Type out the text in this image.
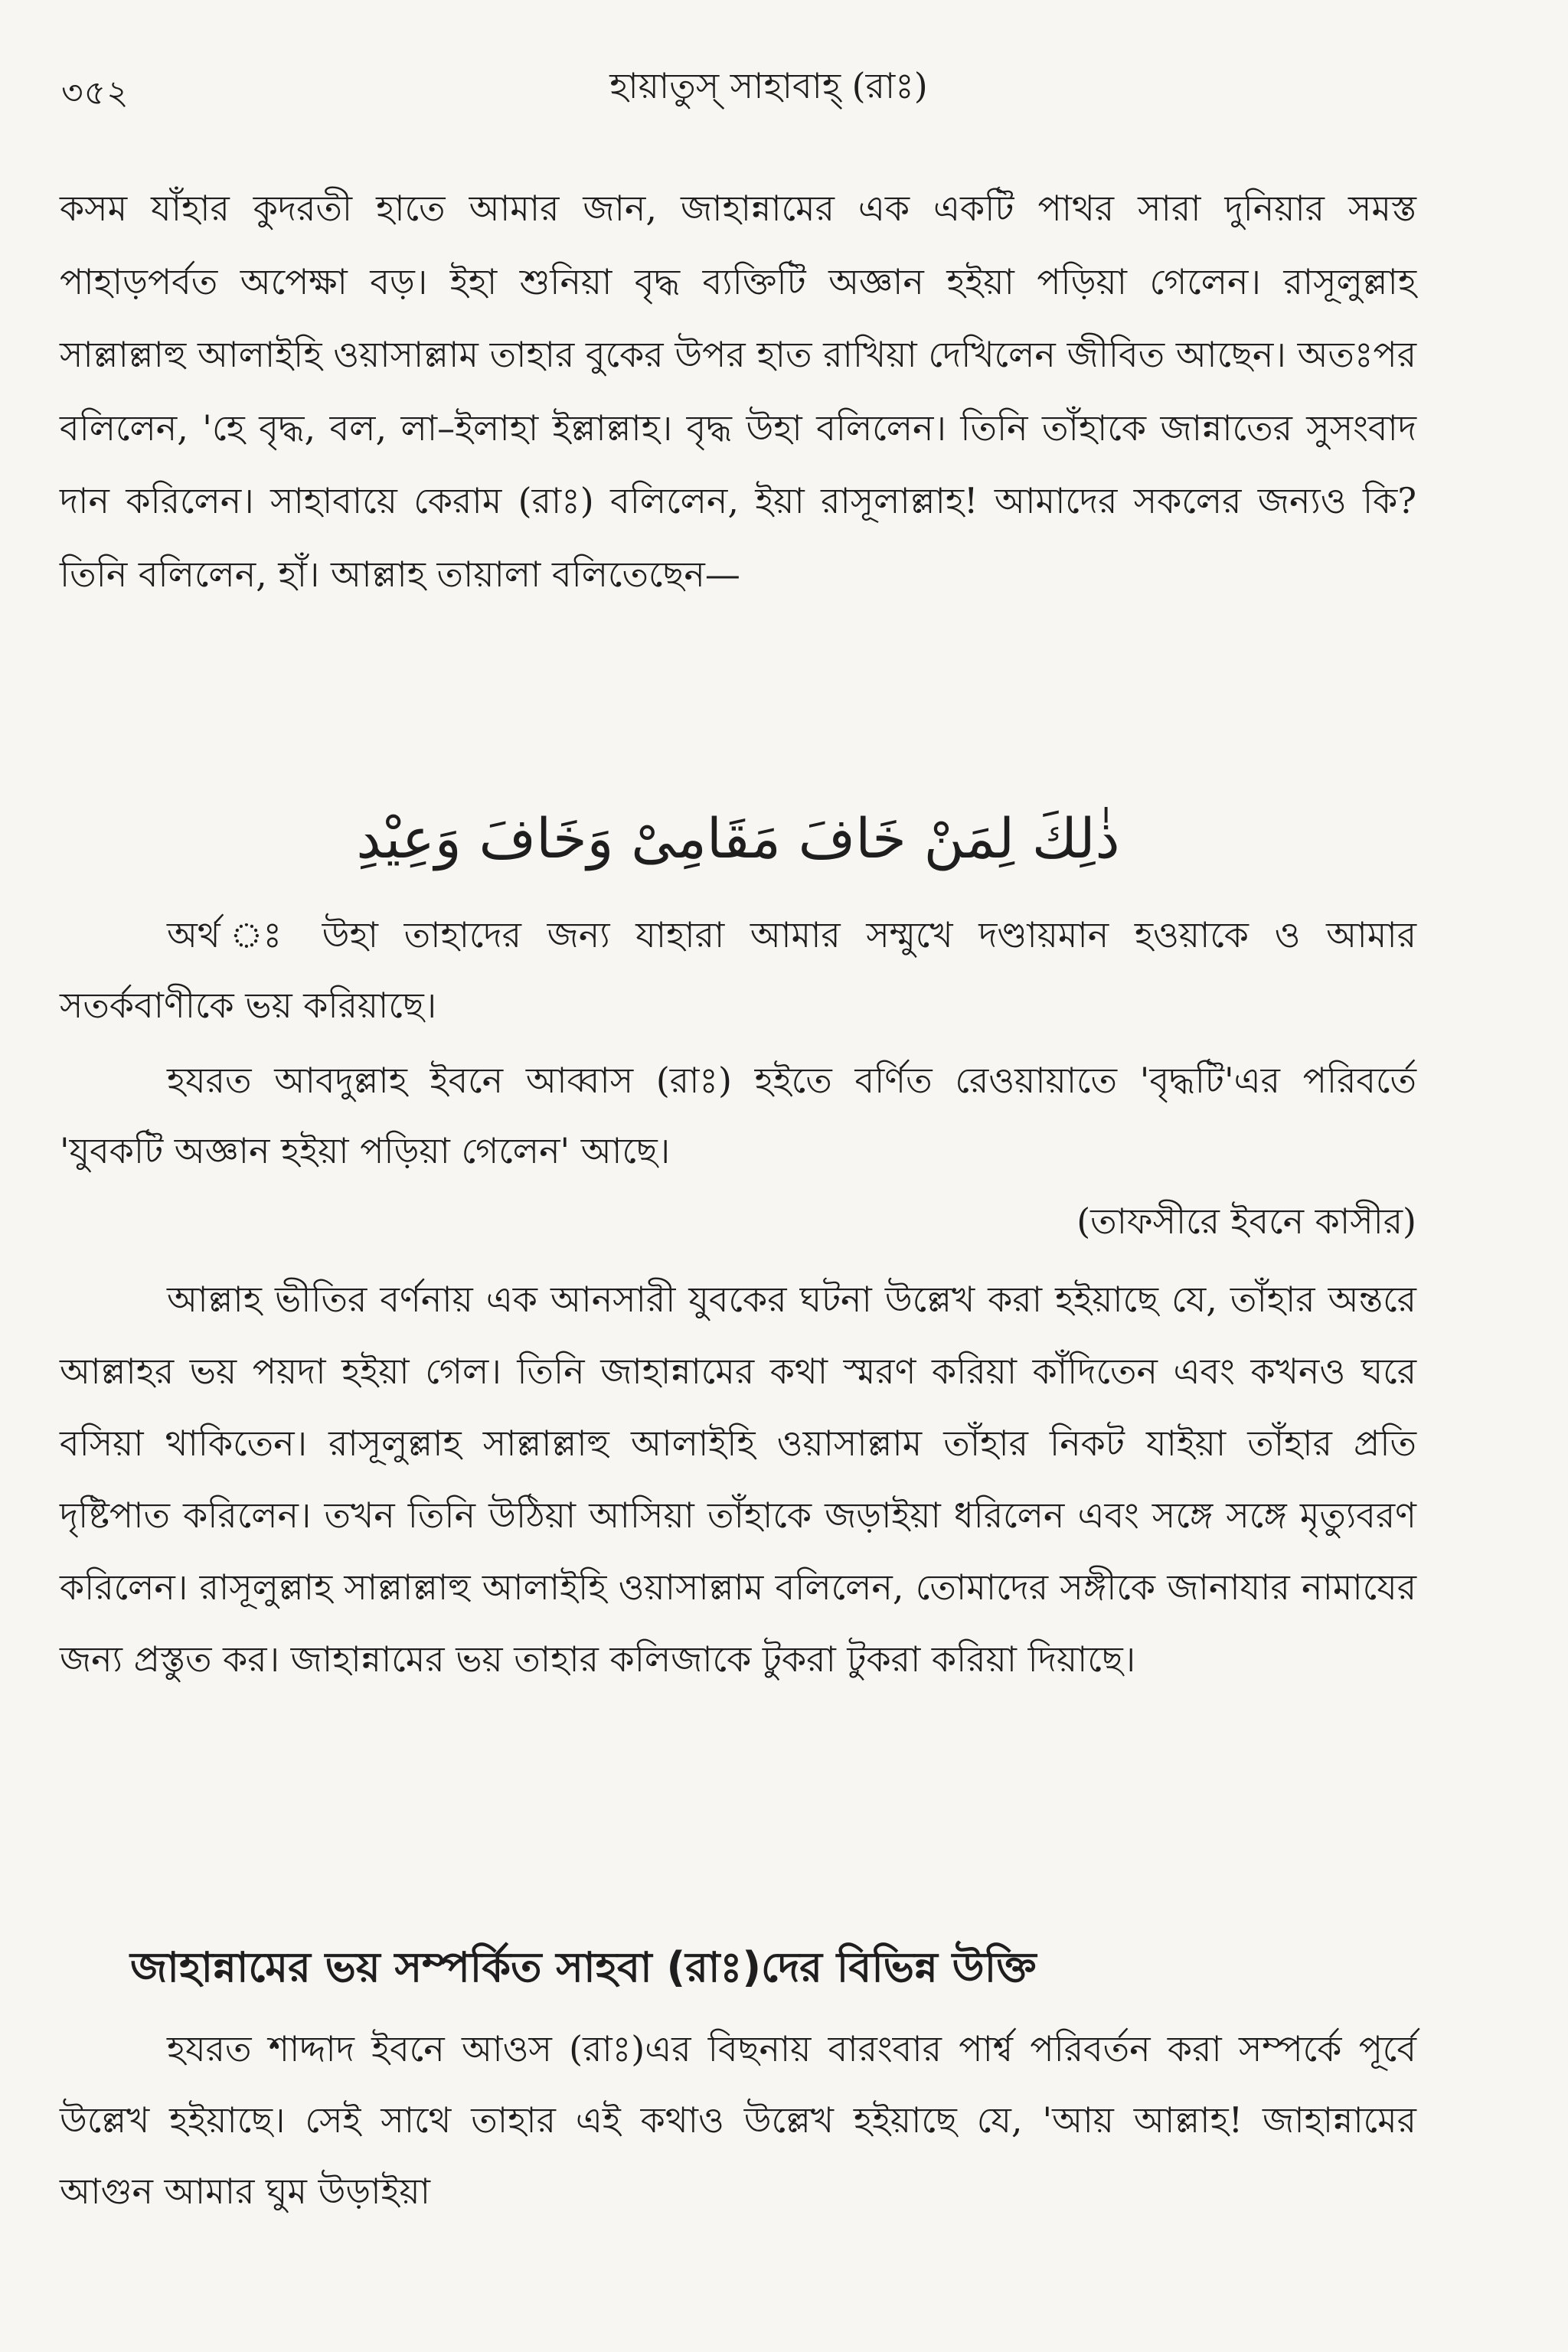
৩৫২	হায়াতুস্ সাহাবাহ্ (রাঃ)

কসম যাঁহার কুদরতী হাতে আমার জান, জাহান্নামের এক একটি পাথর সারা দুনিয়ার সমস্ত পাহাড়পর্বত অপেক্ষা বড়। ইহা শুনিয়া বৃদ্ধ ব্যক্তিটি অজ্ঞান হইয়া পড়িয়া গেলেন। রাসূলুল্লাহ সাল্লাল্লাহু আলাইহি ওয়াসাল্লাম তাহার বুকের উপর হাত রাখিয়া দেখিলেন জীবিত আছেন। অতঃপর বলিলেন, 'হে বৃদ্ধ, বল, লা–ইলাহা ইল্লাল্লাহ। বৃদ্ধ উহা বলিলেন। তিনি তাঁহাকে জান্নাতের সুসংবাদ দান করিলেন। সাহাবায়ে কেরাম (রাঃ) বলিলেন, ইয়া রাসূলাল্লাহ! আমাদের সকলের জন্যও কি? তিনি বলিলেন, হাঁ। আল্লাহ তায়ালা বলিতেছেন—

ذٰلِكَ لِمَنْ خَافَ مَقَامِىْ وَخَافَ وَعِيْدِ

অর্থ ঃ উহা তাহাদের জন্য যাহারা আমার সম্মুখে দণ্ডায়মান হওয়াকে ও আমার সতর্কবাণীকে ভয় করিয়াছে।

হযরত আবদুল্লাহ ইবনে আব্বাস (রাঃ) হইতে বর্ণিত রেওয়ায়াতে 'বৃদ্ধটি'এর পরিবর্তে 'যুবকটি অজ্ঞান হইয়া পড়িয়া গেলেন' আছে।

(তাফসীরে ইবনে কাসীর)

আল্লাহ ভীতির বর্ণনায় এক আনসারী যুবকের ঘটনা উল্লেখ করা হইয়াছে যে, তাঁহার অন্তরে আল্লাহর ভয় পয়দা হইয়া গেল। তিনি জাহান্নামের কথা স্মরণ করিয়া কাঁদিতেন এবং কখনও ঘরে বসিয়া থাকিতেন। রাসূলুল্লাহ সাল্লাল্লাহু আলাইহি ওয়াসাল্লাম তাঁহার নিকট যাইয়া তাঁহার প্রতি দৃষ্টিপাত করিলেন। তখন তিনি উঠিয়া আসিয়া তাঁহাকে জড়াইয়া ধরিলেন এবং সঙ্গে সঙ্গে মৃত্যুবরণ করিলেন। রাসূলুল্লাহ সাল্লাল্লাহু আলাইহি ওয়াসাল্লাম বলিলেন, তোমাদের সঙ্গীকে জানাযার নামাযের জন্য প্রস্তুত কর। জাহান্নামের ভয় তাহার কলিজাকে টুকরা টুকরা করিয়া দিয়াছে।

জাহান্নামের ভয় সম্পর্কিত সাহবা (রাঃ)দের বিভিন্ন উক্তি

হযরত শাদ্দাদ ইবনে আওস (রাঃ)এর বিছনায় বারংবার পার্শ্ব পরিবর্তন করা সম্পর্কে পূর্বে উল্লেখ হইয়াছে। সেই সাথে তাহার এই কথাও উল্লেখ হইয়াছে যে, 'আয় আল্লাহ! জাহান্নামের আগুন আমার ঘুম উড়াইয়া
